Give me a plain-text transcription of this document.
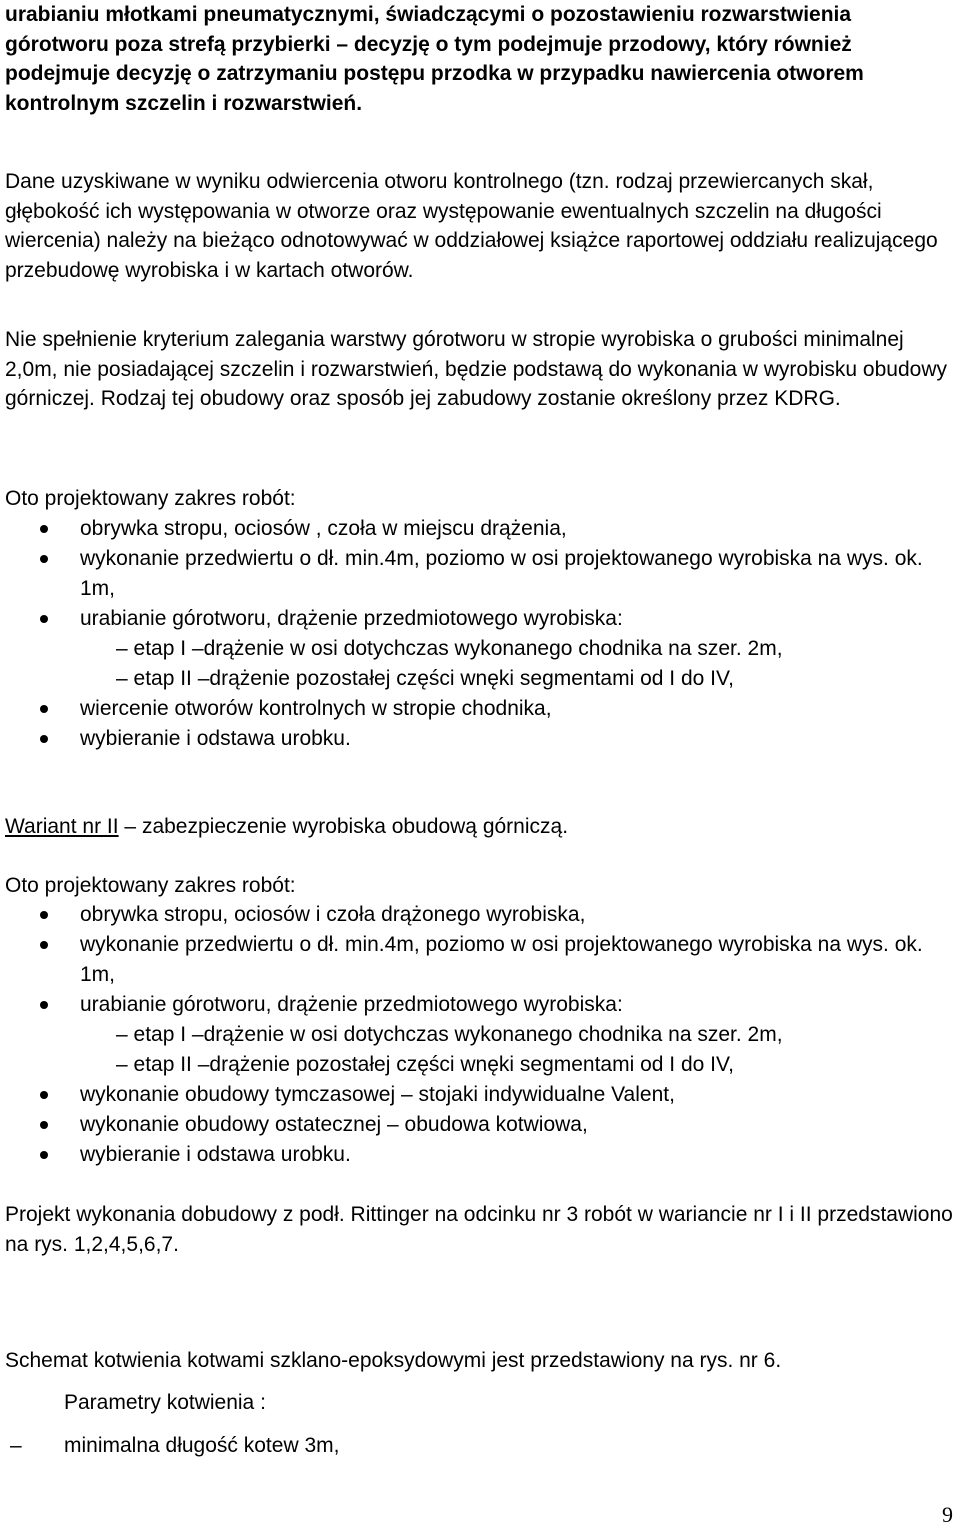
urabianiu młotkami pneumatycznymi, świadczącymi o pozostawieniu rozwarstwienia górotworu poza strefą przybierki – decyzję o tym podejmuje przodowy, który również podejmuje decyzję o zatrzymaniu postępu przodka w przypadku nawiercenia otworem kontrolnym szczelin i rozwarstwień.

Dane uzyskiwane w wyniku odwiercenia otworu kontrolnego (tzn. rodzaj przewiercanych skał, głębokość ich występowania w otworze oraz występowanie ewentualnych szczelin na długości wiercenia) należy na bieżąco odnotowywać w oddziałowej książce raportowej oddziału realizującego przebudowę wyrobiska i w kartach otworów.

Nie spełnienie kryterium zalegania warstwy górotworu w stropie wyrobiska o grubości minimalnej 2,0m, nie posiadającej szczelin i rozwarstwień, będzie podstawą do wykonania w wyrobisku obudowy górniczej. Rodzaj tej obudowy oraz sposób jej zabudowy zostanie określony przez KDRG.

Oto projektowany zakres robót:
obrywka stropu, ociosów , czoła w miejscu drążenia,
wykonanie przedwiertu o dł. min.4m, poziomo w osi projektowanego wyrobiska na wys. ok. 1m,
urabianie górotworu, drążenie przedmiotowego wyrobiska:
– etap I –drążenie w osi dotychczas wykonanego chodnika na szer. 2m,
– etap II –drążenie pozostałej części wnęki segmentami od I do IV,
wiercenie otworów kontrolnych w stropie chodnika,
wybieranie i odstawa urobku.
Wariant nr II – zabezpieczenie wyrobiska obudową górniczą.
Oto projektowany zakres robót:
obrywka stropu, ociosów i czoła drążonego wyrobiska,
wykonanie przedwiertu o dł. min.4m, poziomo w osi projektowanego wyrobiska na wys. ok. 1m,
urabianie górotworu, drążenie przedmiotowego wyrobiska:
– etap I –drążenie w osi dotychczas wykonanego chodnika na szer. 2m,
– etap II –drążenie pozostałej części wnęki segmentami od I do IV,
wykonanie obudowy tymczasowej – stojaki indywidualne Valent,
wykonanie obudowy ostatecznej – obudowa kotwiowa,
wybieranie i odstawa urobku.

Projekt wykonania dobudowy z podł. Rittinger na odcinku nr 3 robót w wariancie nr I i II przedstawiono na rys. 1,2,4,5,6,7.

Schemat kotwienia kotwami szklano-epoksydowymi jest przedstawiony na rys. nr 6.

Parametry kotwienia :
– minimalna długość kotew 3m,
9
